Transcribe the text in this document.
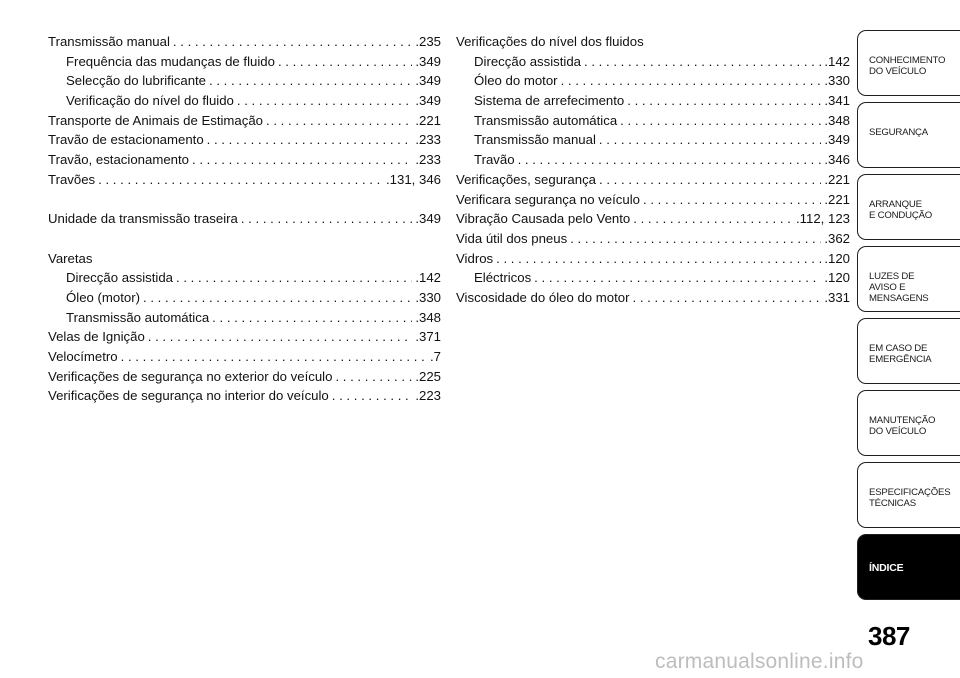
Transmissão manual . . .	.235
Frequência das mudanças de fluido . . .	.349
Selecção do lubrificante . . .	.349
Verificação do nível do fluido . . .	.349
Transporte de Animais de Estimação . . .	.221
Travão de estacionamento . . .	.233
Travão, estacionamento . . .	.233
Travões . . .	.131, 346
Unidade da transmissão traseira . . .	.349
Varetas
Direcção assistida . . .	.142
Óleo (motor) . . .	.330
Transmissão automática . . .	.348
Velas de Ignição . . .	.371
Velocímetro . . .	.7
Verificações de segurança no exterior do veículo . . .	.225
Verificações de segurança no interior do veículo . . .	.223
Verificações do nível dos fluidos
Direcção assistida . . .	.142
Óleo do motor . . .	.330
Sistema de arrefecimento . . .	.341
Transmissão automática . . .	.348
Transmissão manual . . .	.349
Travão . . .	.346
Verificações, segurança . . .	.221
Verificara segurança no veículo . . .	.221
Vibração Causada pelo Vento . . .	.112, 123
Vida útil dos pneus . . .	.362
Vidros . . .	.120
Eléctricos . . .	.120
Viscosidade do óleo do motor . . .	.331
CONHECIMENTO
DO VEÍCULO
SEGURANÇA
ARRANQUE
E CONDUÇÃO
LUZES DE
AVISO E
MENSAGENS
EM CASO DE
EMERGÊNCIA
MANUTENÇÃO
DO VEÍCULO
ESPECIFICAÇÕES
TÉCNICAS
ÍNDICE
387
carmanualsonline.info
